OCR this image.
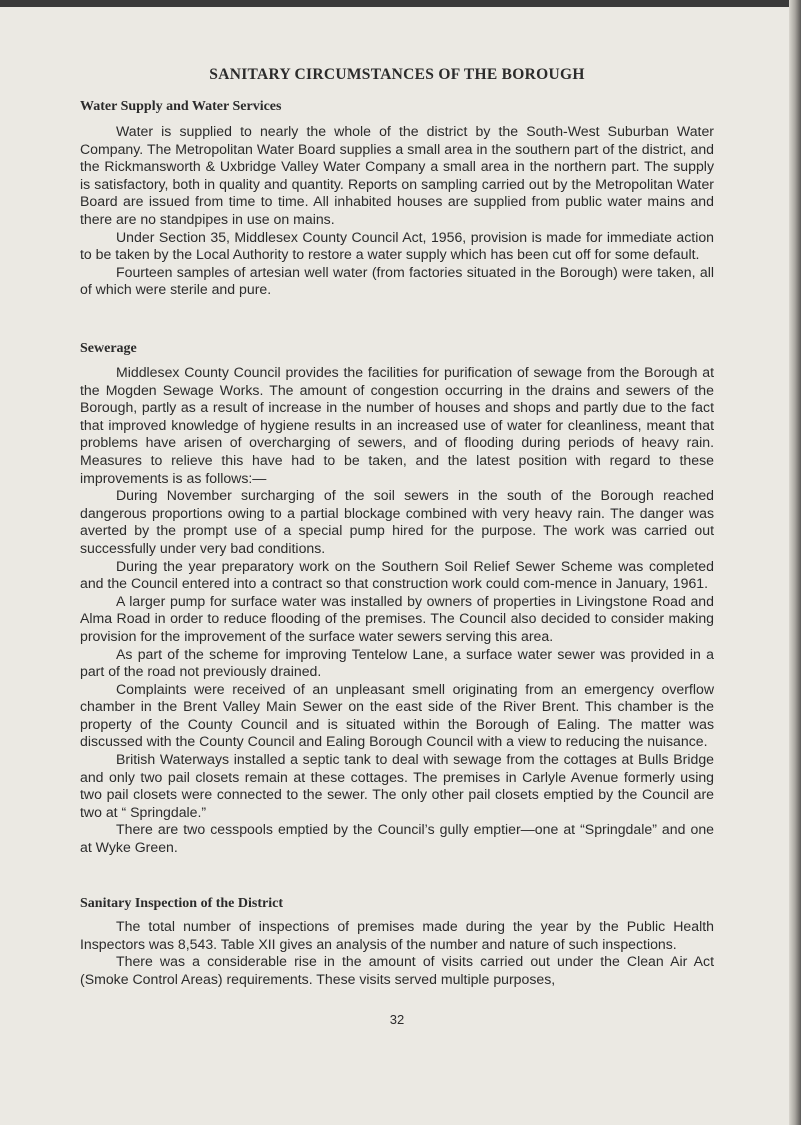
SANITARY CIRCUMSTANCES OF THE BOROUGH
Water Supply and Water Services

Water is supplied to nearly the whole of the district by the South-West Suburban Water Company. The Metropolitan Water Board supplies a small area in the southern part of the district, and the Rickmansworth & Uxbridge Valley Water Company a small area in the northern part. The supply is satisfactory, both in quality and quantity. Reports on sampling carried out by the Metropolitan Water Board are issued from time to time. All inhabited houses are supplied from public water mains and there are no standpipes in use on mains.

Under Section 35, Middlesex County Council Act, 1956, provision is made for immediate action to be taken by the Local Authority to restore a water supply which has been cut off for some default.

Fourteen samples of artesian well water (from factories situated in the Borough) were taken, all of which were sterile and pure.

Sewerage

Middlesex County Council provides the facilities for purification of sewage from the Borough at the Mogden Sewage Works. The amount of congestion occurring in the drains and sewers of the Borough, partly as a result of increase in the number of houses and shops and partly due to the fact that improved knowledge of hygiene results in an increased use of water for cleanliness, meant that problems have arisen of overcharging of sewers, and of flooding during periods of heavy rain. Measures to relieve this have had to be taken, and the latest position with regard to these improvements is as follows:—

During November surcharging of the soil sewers in the south of the Borough reached dangerous proportions owing to a partial blockage combined with very heavy rain. The danger was averted by the prompt use of a special pump hired for the purpose. The work was carried out successfully under very bad conditions.

During the year preparatory work on the Southern Soil Relief Sewer Scheme was completed and the Council entered into a contract so that construction work could com-mence in January, 1961.

A larger pump for surface water was installed by owners of properties in Livingstone Road and Alma Road in order to reduce flooding of the premises. The Council also decided to consider making provision for the improvement of the surface water sewers serving this area.

As part of the scheme for improving Tentelow Lane, a surface water sewer was provided in a part of the road not previously drained.

Complaints were received of an unpleasant smell originating from an emergency overflow chamber in the Brent Valley Main Sewer on the east side of the River Brent. This chamber is the property of the County Council and is situated within the Borough of Ealing. The matter was discussed with the County Council and Ealing Borough Council with a view to reducing the nuisance.

British Waterways installed a septic tank to deal with sewage from the cottages at Bulls Bridge and only two pail closets remain at these cottages. The premises in Carlyle Avenue formerly using two pail closets were connected to the sewer. The only other pail closets emptied by the Council are two at “ Springdale.”

There are two cesspools emptied by the Council’s gully emptier—one at “Springdale” and one at Wyke Green.

Sanitary Inspection of the District

The total number of inspections of premises made during the year by the Public Health Inspectors was 8,543. Table XII gives an analysis of the number and nature of such inspections.

There was a considerable rise in the amount of visits carried out under the Clean Air Act (Smoke Control Areas) requirements. These visits served multiple purposes,

32
